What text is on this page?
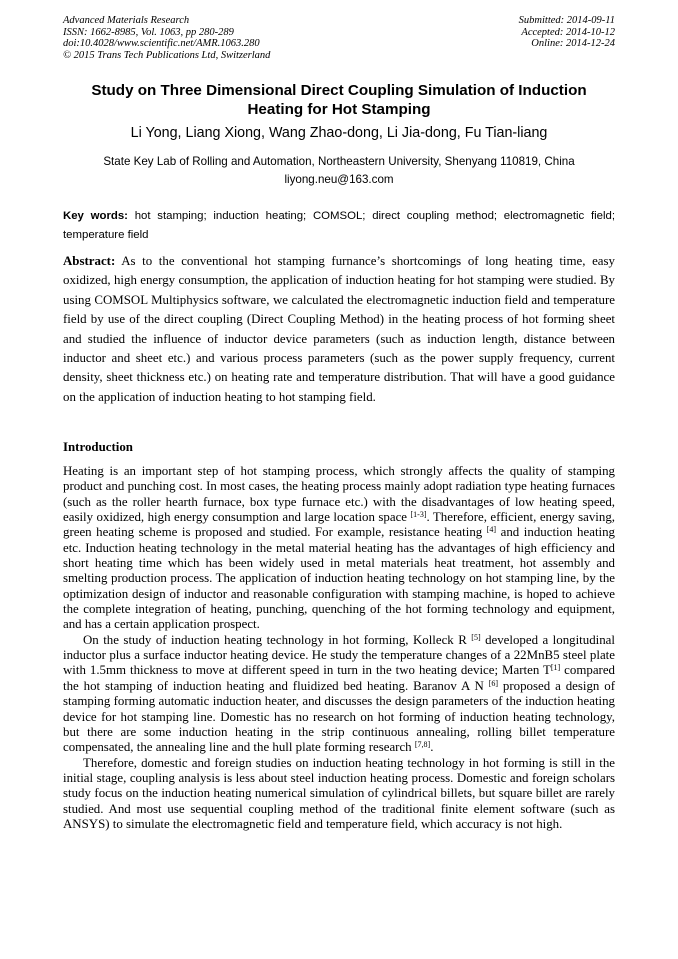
Advanced Materials Research
ISSN: 1662-8985, Vol. 1063, pp 280-289
doi:10.4028/www.scientific.net/AMR.1063.280
© 2015 Trans Tech Publications Ltd, Switzerland
Submitted: 2014-09-11
Accepted: 2014-10-12
Online: 2014-12-24
Study on Three Dimensional Direct Coupling Simulation of Induction
Heating for Hot Stamping
Li Yong, Liang Xiong, Wang Zhao-dong, Li Jia-dong, Fu Tian-liang
State Key Lab of Rolling and Automation, Northeastern University, Shenyang 110819, China
liyong.neu@163.com
Key words: hot stamping; induction heating; COMSOL; direct coupling method; electromagnetic field; temperature field
Abstract: As to the conventional hot stamping furnance’s shortcomings of long heating time, easy oxidized, high energy consumption, the application of induction heating for hot stamping were studied. By using COMSOL Multiphysics software, we calculated the electromagnetic induction field and temperature field by use of the direct coupling (Direct Coupling Method) in the heating process of hot forming sheet and studied the influence of inductor device parameters (such as induction length, distance between inductor and sheet etc.) and various process parameters (such as the power supply frequency, current density, sheet thickness etc.) on heating rate and temperature distribution. That will have a good guidance on the application of induction heating to hot stamping field.
Introduction

Heating is an important step of hot stamping process, which strongly affects the quality of stamping product and punching cost. In most cases, the heating process mainly adopt radiation type heating furnaces (such as the roller hearth furnace, box type furnace etc.) with the disadvantages of low heating speed, easily oxidized, high energy consumption and large location space [1-3]. Therefore, efficient, energy saving, green heating scheme is proposed and studied. For example, resistance heating [4] and induction heating etc. Induction heating technology in the metal material heating has the advantages of high efficiency and short heating time which has been widely used in metal materials heat treatment, hot assembly and smelting production process. The application of induction heating technology on hot stamping line, by the optimization design of inductor and reasonable configuration with stamping machine, is hoped to achieve the complete integration of heating, punching, quenching of the hot forming technology and equipment, and has a certain application prospect.

On the study of induction heating technology in hot forming, Kolleck R [5] developed a longitudinal inductor plus a surface inductor heating device. He study the temperature changes of a 22MnB5 steel plate with 1.5mm thickness to move at different speed in turn in the two heating device; Marten T[1] compared the hot stamping of induction heating and fluidized bed heating. Baranov A N [6] proposed a design of stamping forming automatic induction heater, and discusses the design parameters of the induction heating device for hot stamping line. Domestic has no research on hot forming of induction heating technology, but there are some induction heating in the strip continuous annealing, rolling billet temperature compensated, the annealing line and the hull plate forming research [7,8].

Therefore, domestic and foreign studies on induction heating technology in hot forming is still in the initial stage, coupling analysis is less about steel induction heating process. Domestic and foreign scholars study focus on the induction heating numerical simulation of cylindrical billets, but square billet are rarely studied. And most use sequential coupling method of the traditional finite element software (such as ANSYS) to simulate the electromagnetic field and temperature field, which accuracy is not high.
